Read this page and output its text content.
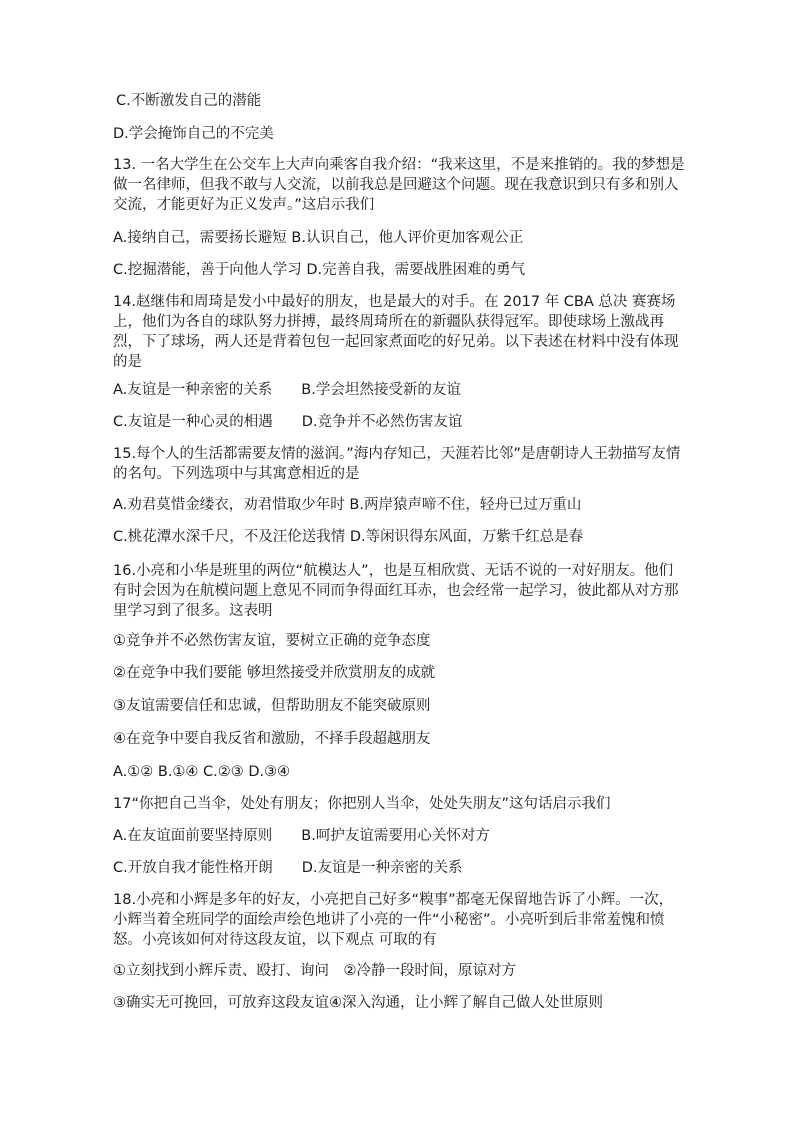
C.不断激发自己的潜能
D.学会掩饰自己的不完美
13. 一名大学生在公交车上大声向乘客自我介绍：“我来这里，不是来推销的。我的梦想是做一名律师，但我不敢与人交流，以前我总是回避这个问题。现在我意识到只有多和别人交流，才能更好为正义发声。”这启示我们
A.接纳自己，需要扬长避短 B.认识自己，他人评价更加客观公正
C.挖掘潜能，善于向他人学习 D.完善自我，需要战胜困难的勇气
14.赵继伟和周琦是发小中最好的朋友，也是最大的对手。在 2017 年 CBA 总决 赛赛场上，他们为各自的球队努力拼搏，最终周琦所在的新疆队获得冠军。即使球场上激战再烈，下了球场，两人还是背着包包一起回家煮面吃的好兄弟。以下表述在材料中没有体现的是
A.友谊是一种亲密的关系　　B.学会坦然接受新的友谊
C.友谊是一种心灵的相遇　　D.竞争并不必然伤害友谊
15.每个人的生活都需要友情的滋润。”海内存知己，天涯若比邻”是唐朝诗人王勃描写友情的名句。下列选项中与其寓意相近的是
A.劝君莫惜金缕衣，劝君惜取少年时 B.两岸猿声啼不住，轻舟已过万重山
C.桃花潭水深千尺，不及汪伦送我情 D.等闲识得东风面，万紫千红总是春
16.小亮和小华是班里的两位“航模达人”，也是互相欣赏、无话不说的一对好朋友。他们有时会因为在航模问题上意见不同而争得面红耳赤，也会经常一起学习，彼此都从对方那里学习到了很多。这表明
①竞争并不必然伤害友谊，要树立正确的竞争态度
②在竞争中我们要能 够坦然接受并欣赏朋友的成就
③友谊需要信任和忠诚，但帮助朋友不能突破原则
④在竞争中要自我反省和激励，不择手段超越朋友
A.①② B.①④ C.②③ D.③④
17“你把自己当伞，处处有朋友；你把别人当伞，处处失朋友”这句话启示我们
A.在友谊面前要坚持原则　　B.呵护友谊需要用心关怀对方
C.开放自我才能性格开朗　　D.友谊是一种亲密的关系
18.小亮和小辉是多年的好友，小亮把自己好多“糗事”都毫无保留地告诉了小辉。一次，小辉当着全班同学的面绘声绘色地讲了小亮的一件“小秘密”。小亮听到后非常羞愧和愤怒。小亮该如何对待这段友谊，以下观点 可取的有
①立刻找到小辉斥责、殴打、询问　②冷静一段时间，原谅对方
③确实无可挽回，可放弃这段友谊④深入沟通，让小辉了解自己做人处世原则
